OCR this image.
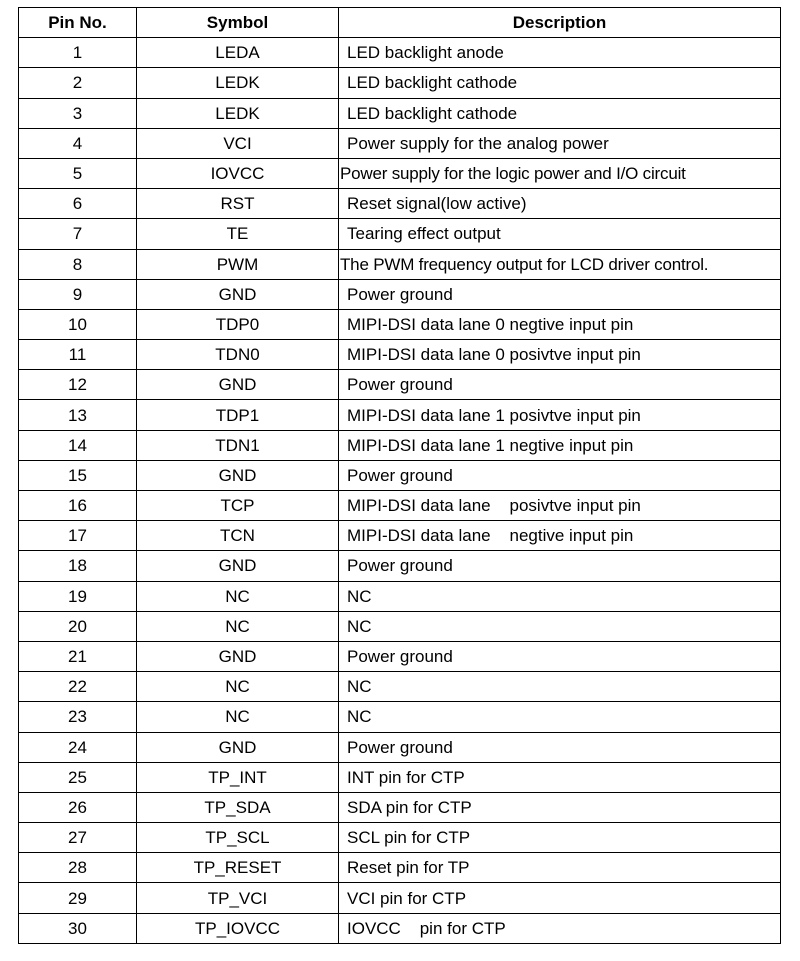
Pin No.	Symbol	Description
1	LEDA	LED backlight anode
2	LEDK	LED backlight cathode
3	LEDK	LED backlight cathode
4	VCI	Power supply for the analog power
5	IOVCC	Power supply for the logic power and I/O circuit
6	RST	Reset signal(low active)
7	TE	Tearing effect output
8	PWM	The PWM frequency output for LCD driver control.
9	GND	Power ground
10	TDP0	MIPI-DSI data lane 0 negtive input pin
11	TDN0	MIPI-DSI data lane 0 posivtve input pin
12	GND	Power ground
13	TDP1	MIPI-DSI data lane 1 posivtve input pin
14	TDN1	MIPI-DSI data lane 1 negtive input pin
15	GND	Power ground
16	TCP	MIPI-DSI data lane    posivtve input pin
17	TCN	MIPI-DSI data lane    negtive input pin
18	GND	Power ground
19	NC	NC
20	NC	NC
21	GND	Power ground
22	NC	NC
23	NC	NC
24	GND	Power ground
25	TP_INT	INT pin for CTP
26	TP_SDA	SDA pin for CTP
27	TP_SCL	SCL pin for CTP
28	TP_RESET	Reset pin for TP
29	TP_VCI	VCI pin for CTP
30	TP_IOVCC	IOVCC    pin for CTP
